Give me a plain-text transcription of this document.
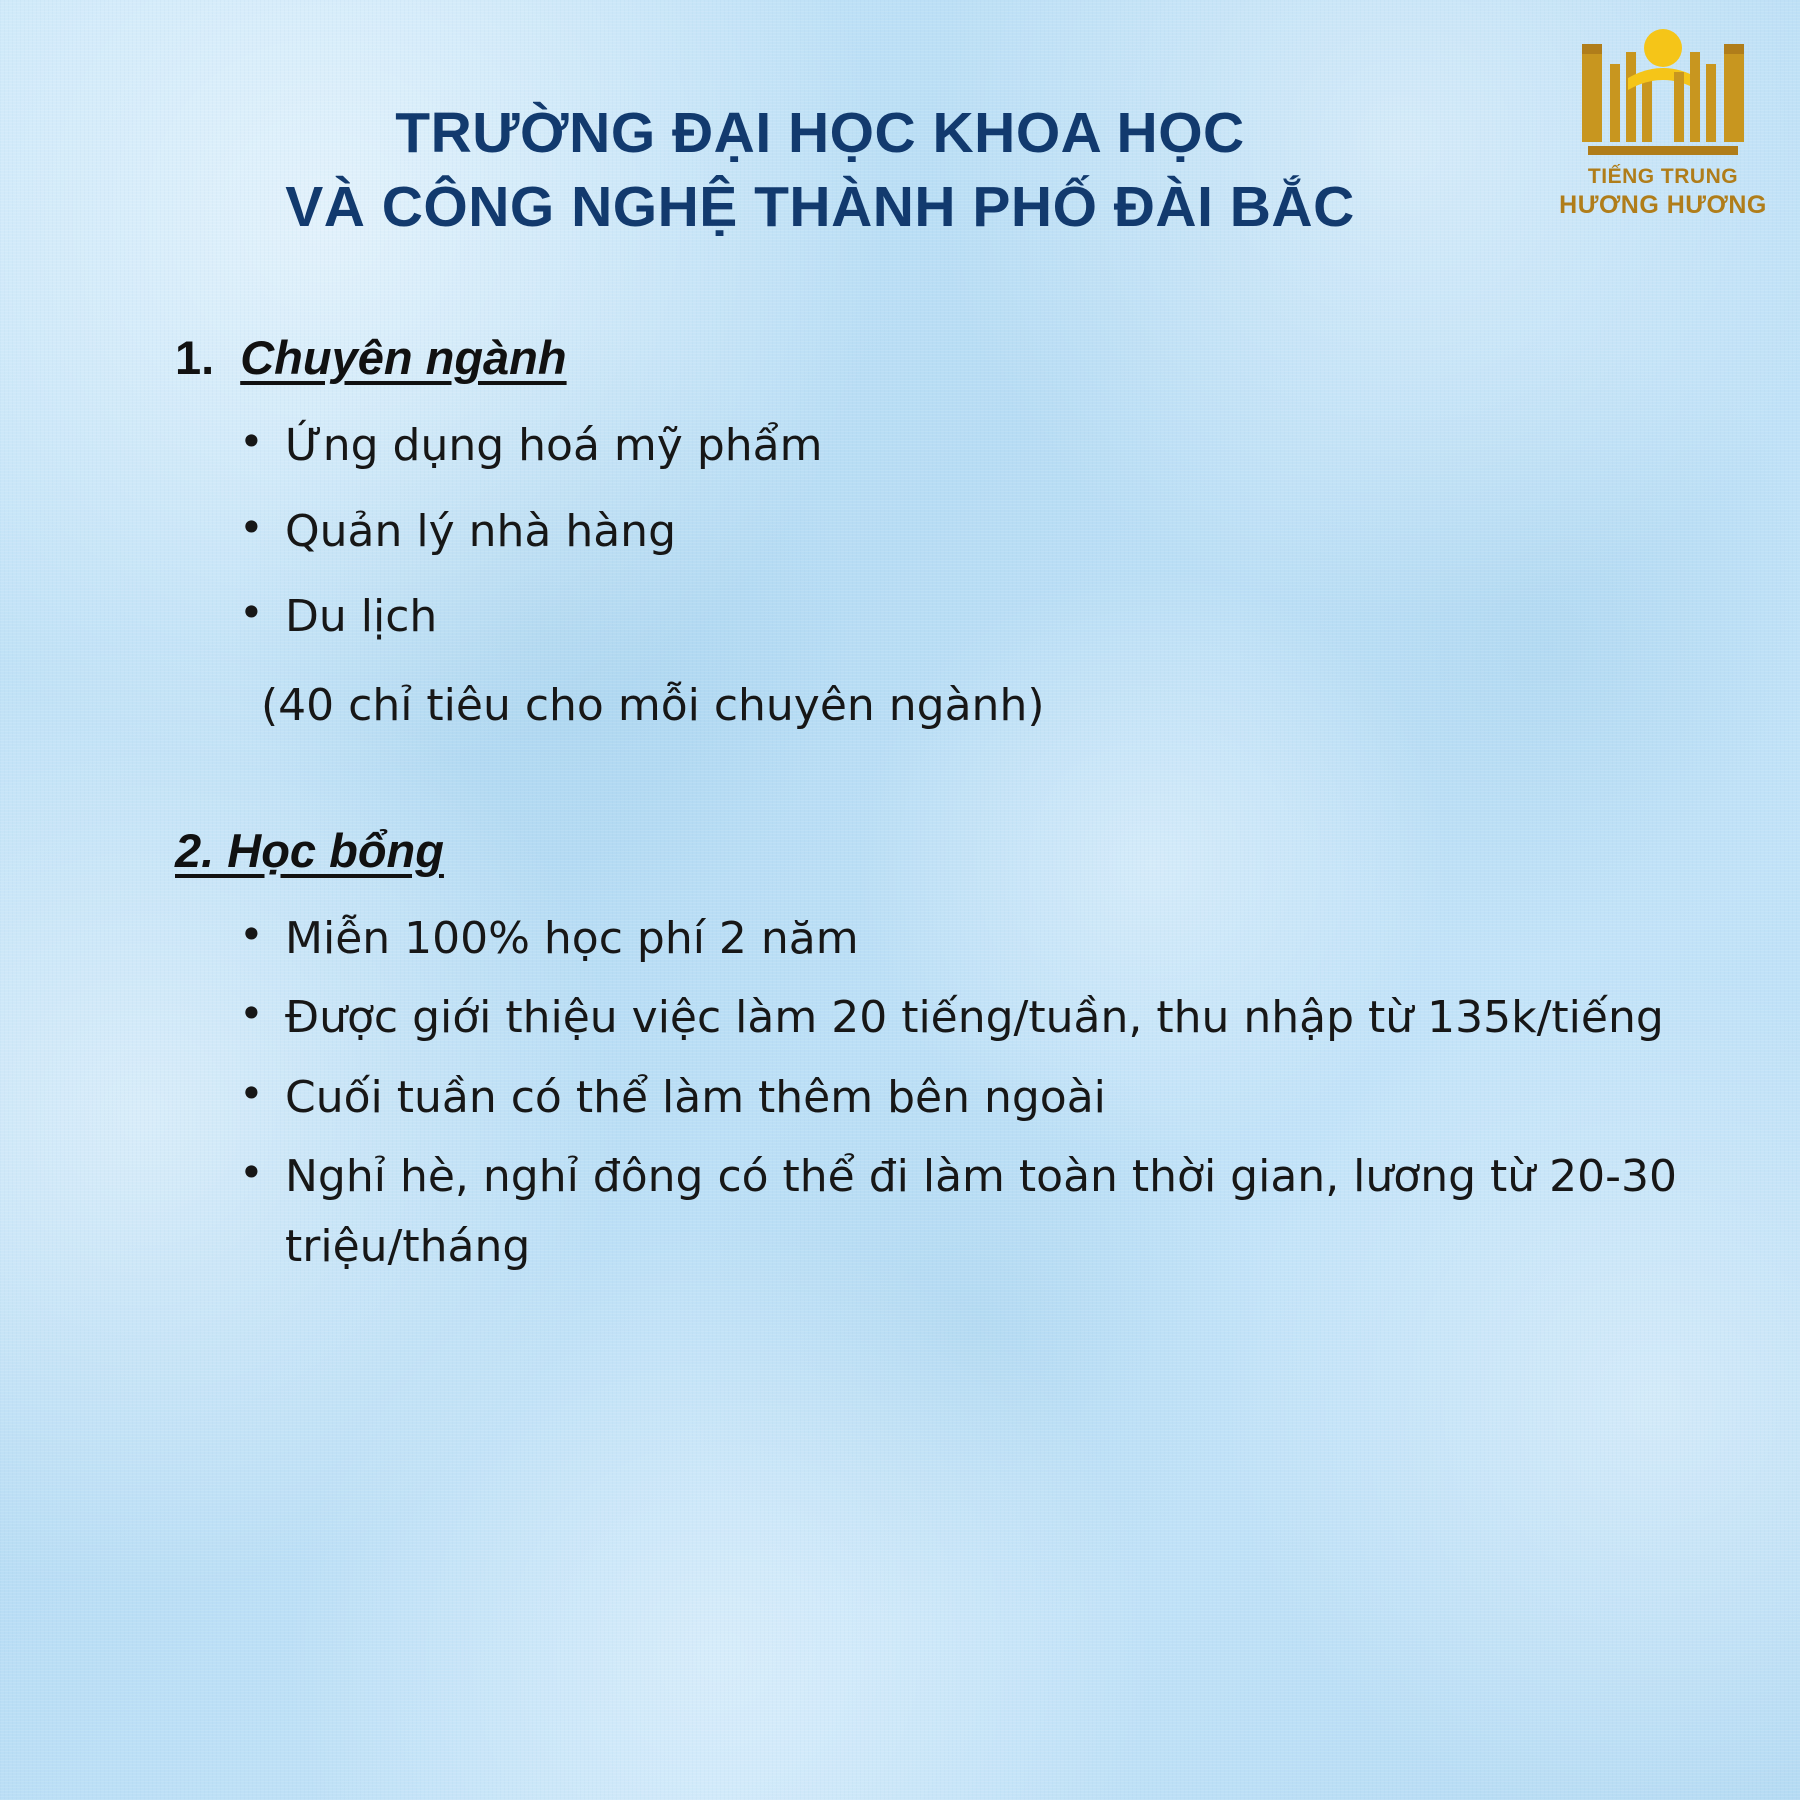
TIẾNG TRUNG
HƯƠNG HƯƠNG
TRƯỜNG ĐẠI HỌC KHOA HỌC
VÀ CÔNG NGHỆ THÀNH PHỐ ĐÀI BẮC
1. Chuyên ngành
• Ứng dụng hoá mỹ phẩm
• Quản lý nhà hàng
• Du lịch
(40 chỉ tiêu cho mỗi chuyên ngành)
2. Học bổng
• Miễn 100% học phí 2 năm
• Được giới thiệu việc làm 20 tiếng/tuần, thu nhập từ 135k/tiếng
• Cuối tuần có thể làm thêm bên ngoài
• Nghỉ hè, nghỉ đông có thể đi làm toàn thời gian, lương từ 20-30 triệu/tháng
